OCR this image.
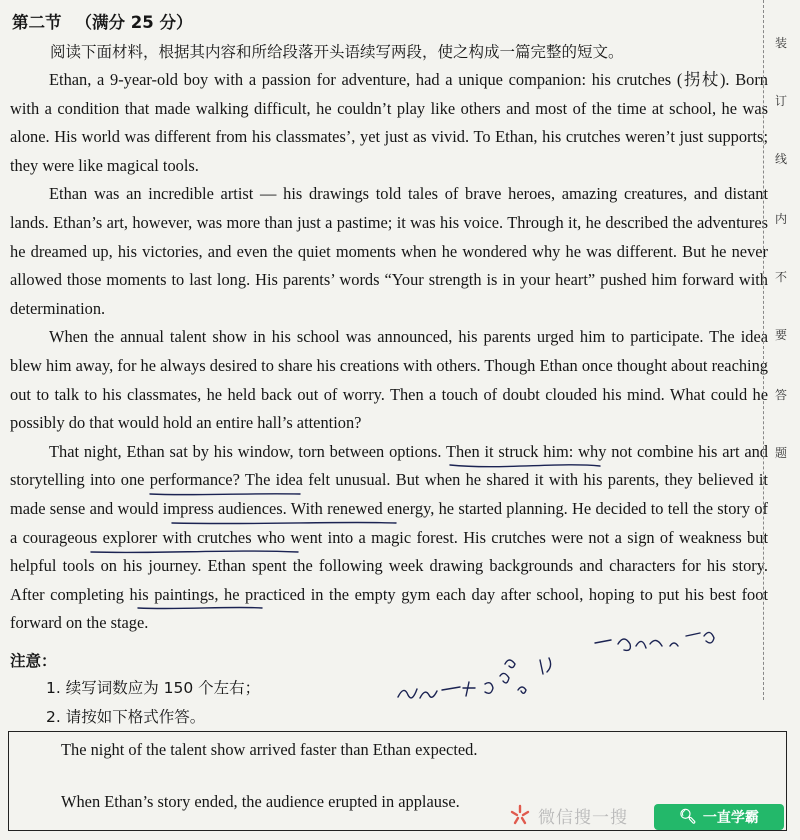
第二节 （满分 25 分）
阅读下面材料，根据其内容和所给段落开头语续写两段，使之构成一篇完整的短文。

Ethan, a 9-year-old boy with a passion for adventure, had a unique companion: his crutches (拐杖). Born with a condition that made walking difficult, he couldn’t play like others and most of the time at school, he was alone. His world was different from his classmates’, yet just as vivid. To Ethan, his crutches weren’t just supports; they were like magical tools.

Ethan was an incredible artist — his drawings told tales of brave heroes, amazing creatures, and distant lands. Ethan’s art, however, was more than just a pastime; it was his voice. Through it, he described the adventures he dreamed up, his victories, and even the quiet moments when he wondered why he was different. But he never allowed those moments to last long. His parents’ words “Your strength is in your heart” pushed him forward with determination.

When the annual talent show in his school was announced, his parents urged him to participate. The idea blew him away, for he always desired to share his creations with others. Though Ethan once thought about reaching out to talk to his classmates, he held back out of worry. Then a touch of doubt clouded his mind. What could he possibly do that would hold an entire hall’s attention?

That night, Ethan sat by his window, torn between options. Then it struck him: why not combine his art and storytelling into one performance? The idea felt unusual. But when he shared it with his parents, they believed it made sense and would impress audiences. With renewed energy, he started planning. He decided to tell the story of a courageous explorer with crutches who went into a magic forest. His crutches were not a sign of weakness but helpful tools on his journey. Ethan spent the following week drawing backgrounds and characters for his story. After completing his paintings, he practiced in the empty gym each day after school, hoping to put his best foot forward on the stage.

注意：
1. 续写词数应为 150 个左右；
2. 请按如下格式作答。
The night of the talent show arrived faster than Ethan expected.
When Ethan’s story ended, the audience erupted in applause.
装
订
线
内
不
要
答
题
微信搜一搜	🔍︎ 一直学霸
